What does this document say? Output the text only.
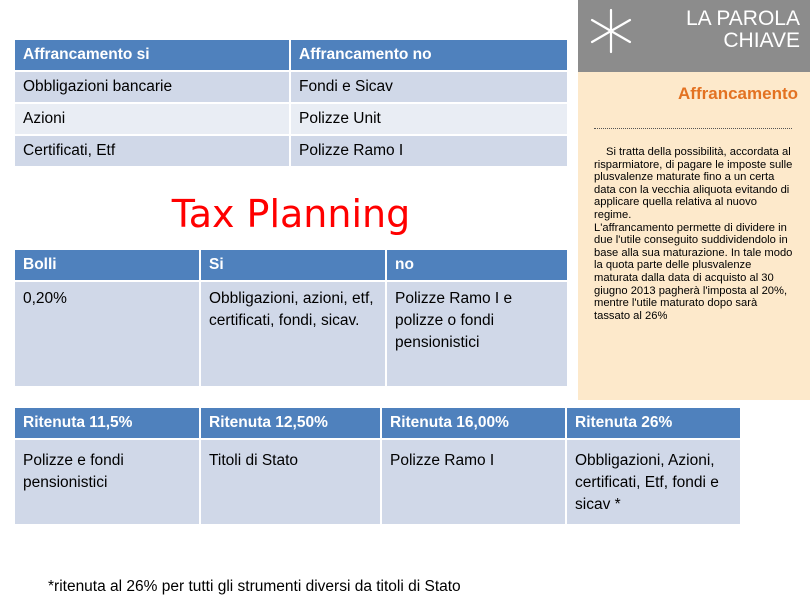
Affrancamento si	Affrancamento no
Obbligazioni bancarie	Fondi e Sicav
Azioni	Polizze Unit
Certificati, Etf	Polizze Ramo I
Tax Planning
Bolli	Si	no
0,20%	Obbligazioni, azioni, etf, certificati, fondi, sicav.	Polizze Ramo I e polizze o fondi pensionistici
Ritenuta 11,5%	Ritenuta 12,50%	Ritenuta 16,00%	Ritenuta 26%
Polizze e fondi pensionistici	Titoli di Stato	Polizze Ramo I	Obbligazioni, Azioni, certificati, Etf, fondi e sicav *
*ritenuta al 26% per tutti gli strumenti diversi da titoli di Stato
LA PAROLA
CHIAVE
Affrancamento

Si tratta della possibilità, accordata al risparmiatore, di pagare le imposte sulle plusvalenze maturate fino a un certa data con la vecchia aliquota evitando di applicare quella relativa al nuovo regime.

L'affrancamento permette di dividere in due l'utile conseguito suddividendolo in base alla sua maturazione. In tale modo la quota parte delle plusvalenze maturata dalla data di acquisto al 30 giugno 2013 pagherà l'imposta al 20%, mentre l'utile maturato dopo sarà tassato al 26%
